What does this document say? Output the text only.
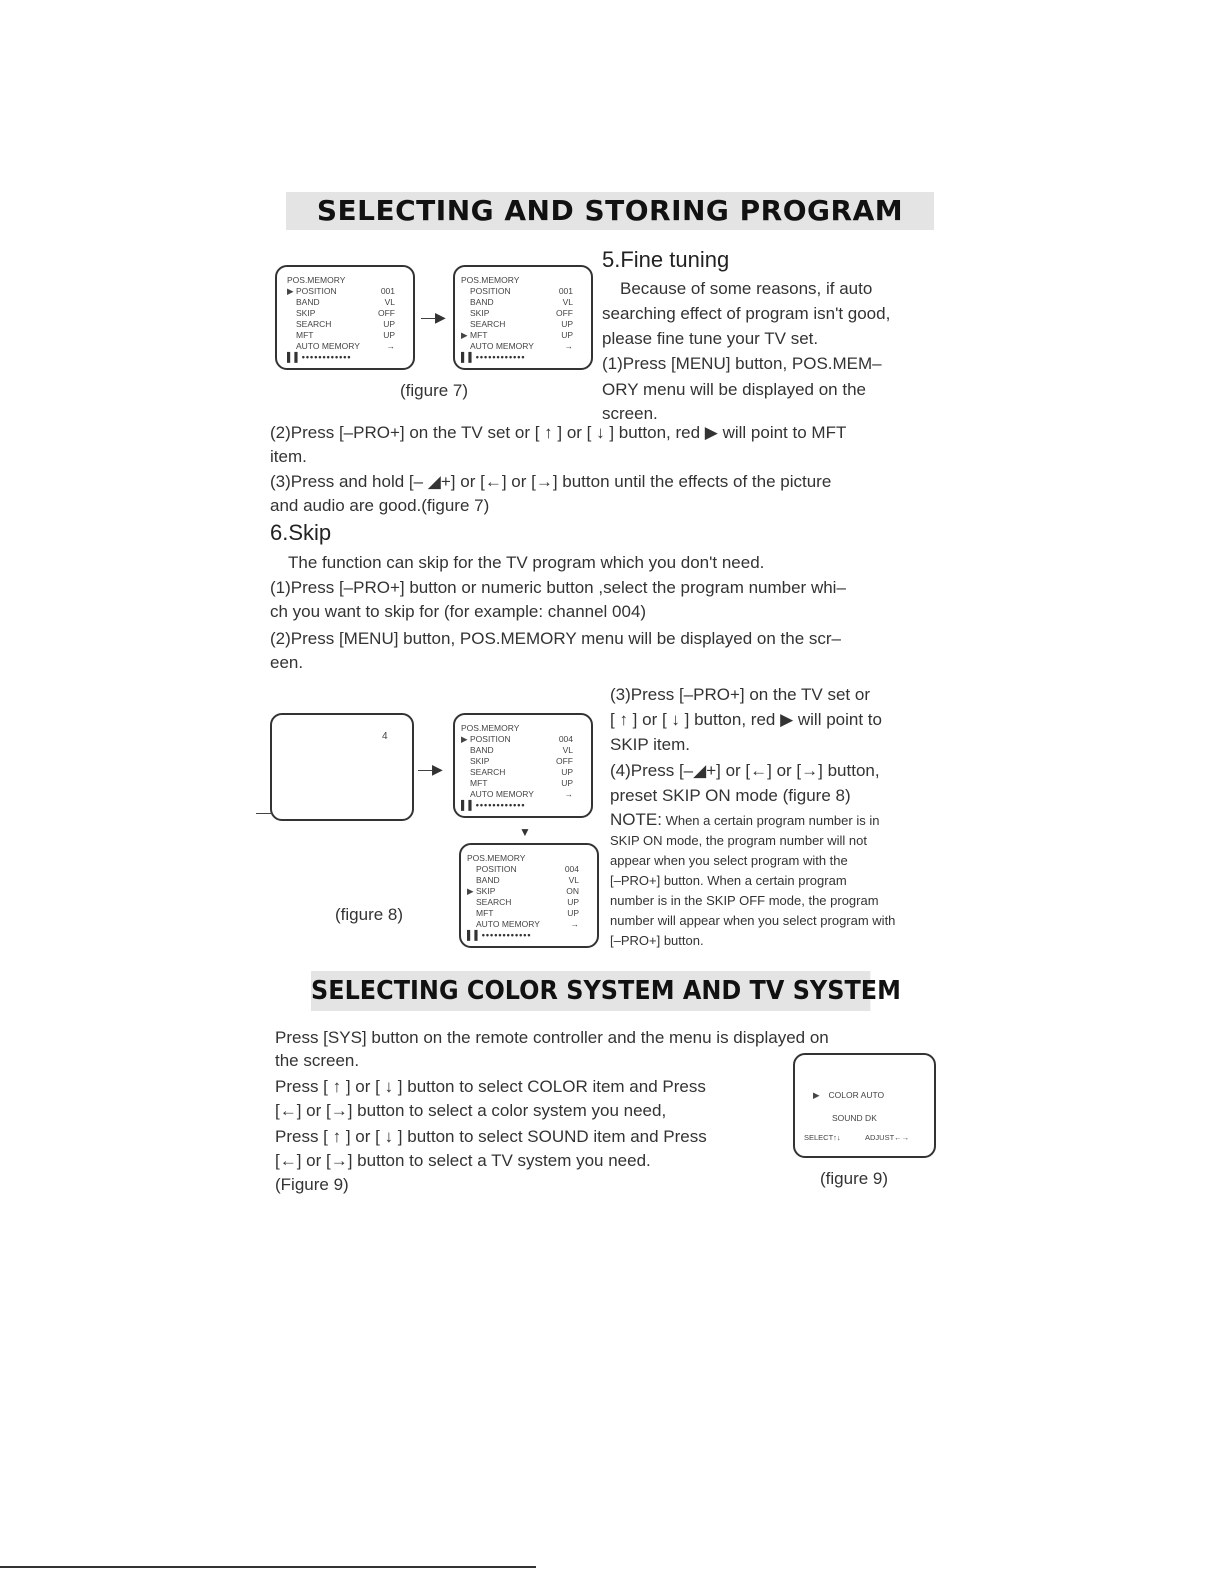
SELECTING AND STORING PROGRAM
POS.MEMORY
▶ POSITION	001
BAND	VL
SKIP	OFF
SEARCH	UP
MFT	UP
AUTO MEMORY	→
▌▌••••••••••••
—▶
POS.MEMORY
POSITION	001
BAND	VL
SKIP	OFF
SEARCH	UP
▶ MFT	UP
AUTO MEMORY	→
▌▌••••••••••••
(figure 7)
5.Fine tuning
Because of some reasons, if auto
searching effect of program isn't good,
please fine tune your TV set.
(1)Press [MENU] button, POS.MEM–
ORY menu will be displayed on the
screen.
(2)Press [–PRO+] on the TV set or [ ↑ ] or [ ↓ ] button, red ▶ will point to MFT
item.
(3)Press and hold [– ◢+] or [←] or [→] button until the effects of the picture
and audio are good.(figure 7)
6.Skip
The function can skip for the TV program which you don't need.
(1)Press [–PRO+] button or numeric button ,select the program number whi–
ch you want to skip for (for example: channel 004)
(2)Press [MENU] button, POS.MEMORY menu will be displayed on the scr–
een.
4
—▶
POS.MEMORY
▶ POSITION	004
BAND	VL
SKIP	OFF
SEARCH	UP
MFT	UP
AUTO MEMORY	→
▌▌••••••••••••
▼
POS.MEMORY
POSITION	004
BAND	VL
▶ SKIP	ON
SEARCH	UP
MFT	UP
AUTO MEMORY	→
▌▌••••••••••••
(figure 8)
(3)Press [–PRO+] on the TV set or
[ ↑ ] or [ ↓ ] button, red ▶ will point to
SKIP item.
(4)Press [–◢+] or [←] or [→] button,
preset SKIP ON mode (figure 8)
NOTE: When a certain program number is in
SKIP ON mode, the program number will not
appear when you select program with the
[–PRO+] button. When a certain program
number is in the SKIP OFF mode, the program
number will appear when you select program with
[–PRO+] button.
SELECTING COLOR SYSTEM AND TV SYSTEM
Press [SYS] button on the remote controller and the menu is displayed on
the screen.
Press [ ↑ ] or [ ↓ ] button to select COLOR item and Press
[←] or [→] button to select a color system you need,
Press [ ↑ ] or [ ↓ ] button to select SOUND item and Press
[←] or [→] button to select a TV system you need.
(Figure 9)
▶ COLOR AUTO
SOUND DK
SELECT↑↓	ADJUST←→
(figure 9)
